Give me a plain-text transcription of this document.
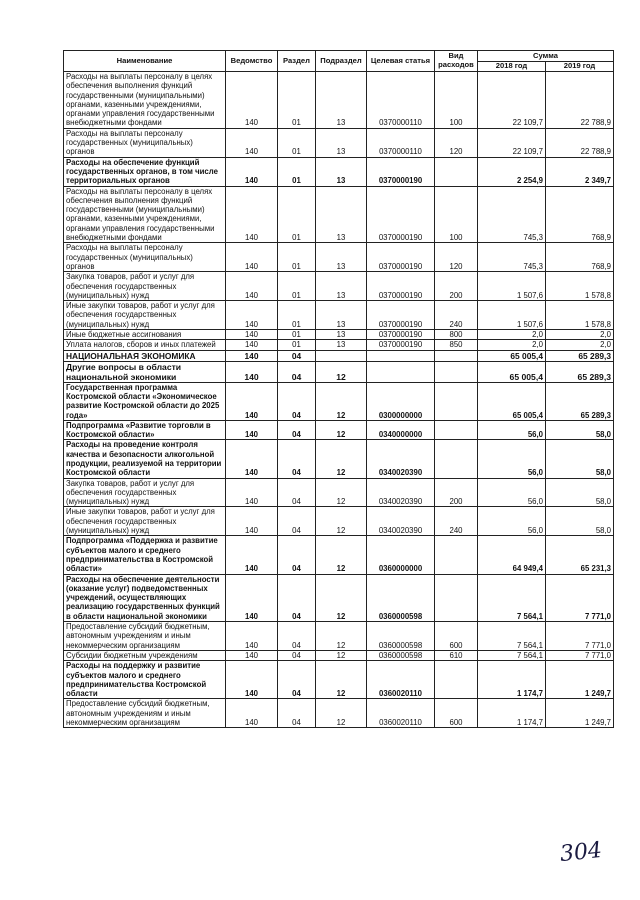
Наименование	Ведомство	Раздел	Подраздел	Целевая статья	Вид расходов	Сумма	
						2018 год	2019 год
Расходы на выплаты персоналу в целях обеспечения выполнения функций государственными (муниципальными) органами, казенными учреждениями, органами управления государственными внебюджетными фондами	140	01	13	0370000110	100	22 109,7	22 788,9
Расходы на выплаты персоналу государственных (муниципальных) органов	140	01	13	0370000110	120	22 109,7	22 788,9
Расходы на обеспечение функций государственных органов, в том числе территориальных органов	140	01	13	0370000190		2 254,9	2 349,7
Расходы на выплаты персоналу в целях обеспечения выполнения функций государственными (муниципальными) органами, казенными учреждениями, органами управления государственными внебюджетными фондами	140	01	13	0370000190	100	745,3	768,9
Расходы на выплаты персоналу государственных (муниципальных) органов	140	01	13	0370000190	120	745,3	768,9
Закупка товаров, работ и услуг для обеспечения государственных (муниципальных) нужд	140	01	13	0370000190	200	1 507,6	1 578,8
Иные закупки товаров, работ и услуг для обеспечения государственных (муниципальных) нужд	140	01	13	0370000190	240	1 507,6	1 578,8
Иные бюджетные ассигнования	140	01	13	0370000190	800	2,0	2,0
Уплата налогов, сборов и иных платежей	140	01	13	0370000190	850	2,0	2,0
НАЦИОНАЛЬНАЯ ЭКОНОМИКА	140	04				65 005,4	65 289,3
Другие вопросы в области национальной экономики	140	04	12			65 005,4	65 289,3
Государственная программа Костромской области «Экономическое развитие Костромской области до 2025 года»	140	04	12	0300000000		65 005,4	65 289,3
Подпрограмма «Развитие торговли в Костромской области»	140	04	12	0340000000		56,0	58,0
Расходы на проведение контроля качества и безопасности алкогольной продукции, реализуемой на территории Костромской области	140	04	12	0340020390		56,0	58,0
Закупка товаров, работ и услуг для обеспечения государственных (муниципальных) нужд	140	04	12	0340020390	200	56,0	58,0
Иные закупки товаров, работ и услуг для обеспечения государственных (муниципальных) нужд	140	04	12	0340020390	240	56,0	58,0
Подпрограмма «Поддержка и развитие субъектов малого и среднего предпринимательства в Костромской области»	140	04	12	0360000000		64 949,4	65 231,3
Расходы на обеспечение деятельности (оказание услуг) подведомственных учреждений, осуществляющих реализацию государственных функций в области национальной экономики	140	04	12	0360000598		7 564,1	7 771,0
Предоставление субсидий бюджетным, автономным учреждениям и иным некоммерческим организациям	140	04	12	0360000598	600	7 564,1	7 771,0
Субсидии бюджетным учреждениям	140	04	12	0360000598	610	7 564,1	7 771,0
Расходы на поддержку и развитие субъектов малого и среднего предпринимательства Костромской области	140	04	12	0360020110		1 174,7	1 249,7
Предоставление субсидий бюджетным, автономным учреждениям и иным некоммерческим организациям	140	04	12	0360020110	600	1 174,7	1 249,7
304
